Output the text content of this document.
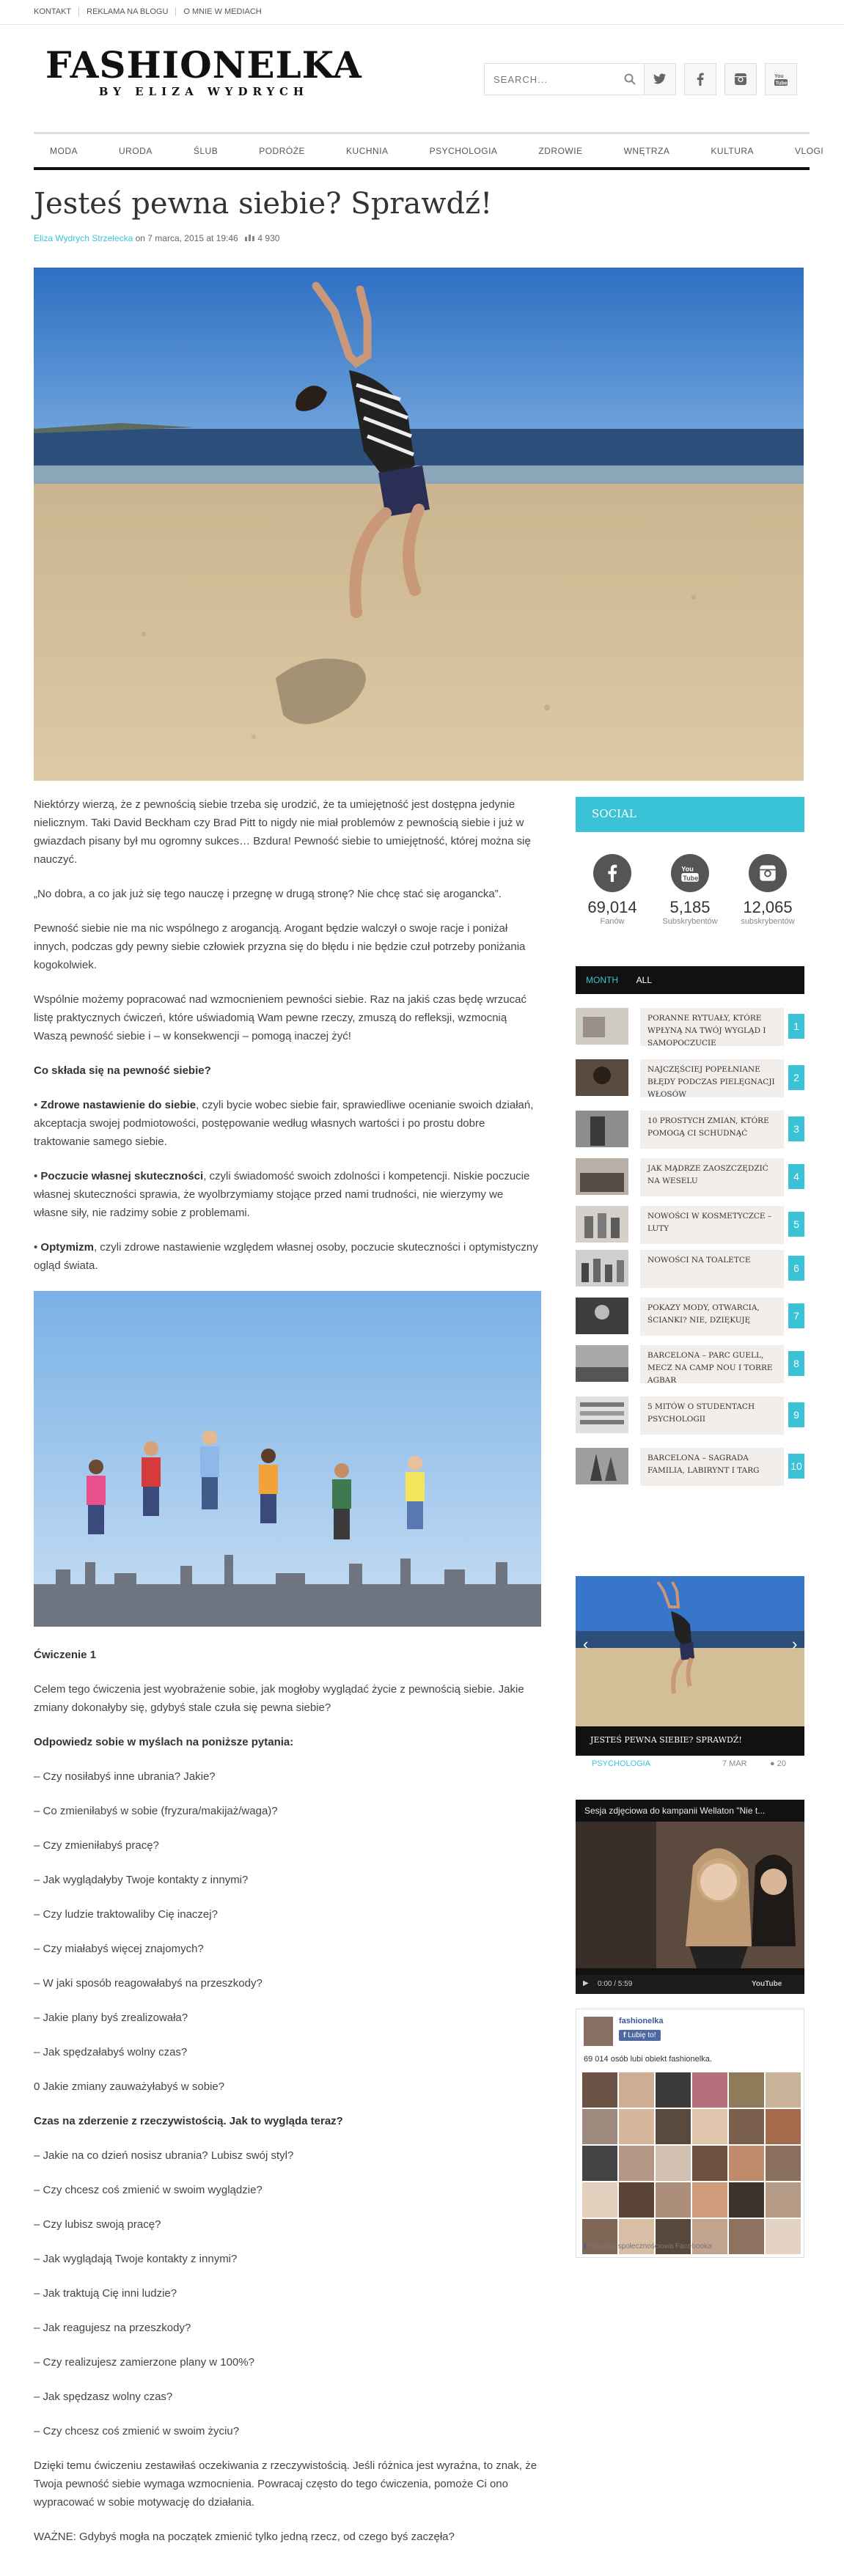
KONTAKT REKLAMA NA BLOGU O MNIE W MEDIACH
FASHIONELKA
BY ELIZA WYDRYCH
SEARCH...
You
Tube
MODA	URODA	ŚLUB	PODRÓŻE	KUCHNIA	PSYCHOLOGIA	ZDROWIE	WNĘTRZA	KULTURA	VLOGI
Jesteś pewna siebie? Sprawdź!
Eliza Wydrych Strzelecka on 7 marca, 2015 at 19:46 4 930

Niektórzy wierzą, że z pewnością siebie trzeba się urodzić, że ta umiejętność jest dostępna jedynie nielicznym. Taki David Beckham czy Brad Pitt to nigdy nie miał problemów z pewnością siebie i już w gwiazdach pisany był mu ogromny sukces… Bzdura! Pewność siebie to umiejętność, której można się nauczyć.

„No dobra, a co jak już się tego nauczę i przegnę w drugą stronę? Nie chcę stać się arogancka”.

Pewność siebie nie ma nic wspólnego z arogancją. Arogant będzie walczył o swoje racje i poniżał innych, podczas gdy pewny siebie człowiek przyzna się do błędu i nie będzie czuł potrzeby poniżania kogokolwiek.

Wspólnie możemy popracować nad wzmocnieniem pewności siebie. Raz na jakiś czas będę wrzucać listę praktycznych ćwiczeń, które uświadomią Wam pewne rzeczy, zmuszą do refleksji, wzmocnią Waszą pewność siebie i – w konsekwencji – pomogą inaczej żyć!

Co składa się na pewność siebie?

• Zdrowe nastawienie do siebie, czyli bycie wobec siebie fair, sprawiedliwe ocenianie swoich działań, akceptacja swojej podmiotowości, postępowanie według własnych wartości i po prostu dobre traktowanie samego siebie.

• Poczucie własnej skuteczności, czyli świadomość swoich zdolności i kompetencji. Niskie poczucie własnej skuteczności sprawia, że wyolbrzymiamy stojące przed nami trudności, nie wierzymy we własne siły, nie radzimy sobie z problemami.

• Optymizm, czyli zdrowe nastawienie względem własnej osoby, poczucie skuteczności i optymistyczny ogląd świata.

Ćwiczenie 1

Celem tego ćwiczenia jest wyobrażenie sobie, jak mogłoby wyglądać życie z pewnością siebie. Jakie zmiany dokonałyby się, gdybyś stale czuła się pewna siebie?

Odpowiedz sobie w myślach na poniższe pytania:

– Czy nosiłabyś inne ubrania? Jakie?

– Co zmieniłabyś w sobie (fryzura/makijaż/waga)?

– Czy zmieniłabyś pracę?

– Jak wyglądałyby Twoje kontakty z innymi?

– Czy ludzie traktowaliby Cię inaczej?

– Czy miałabyś więcej znajomych?

– W jaki sposób reagowałabyś na przeszkody?

– Jakie plany byś zrealizowała?

– Jak spędzałabyś wolny czas?

0 Jakie zmiany zauważyłabyś w sobie?

Czas na zderzenie z rzeczywistością. Jak to wygląda teraz?

– Jakie na co dzień nosisz ubrania? Lubisz swój styl?

– Czy chcesz coś zmienić w swoim wyglądzie?

– Czy lubisz swoją pracę?

– Jak wyglądają Twoje kontakty z innymi?

– Jak traktują Cię inni ludzie?

– Jak reagujesz na przeszkody?

– Czy realizujesz zamierzone plany w 100%?

– Jak spędzasz wolny czas?

– Czy chcesz coś zmienić w swoim życiu?

Dzięki temu ćwiczeniu zestawiłaś oczekiwania z rzeczywistością. Jeśli różnica jest wyraźna, to znak, że Twoja pewność siebie wymaga wzmocnienia. Powracaj często do tego ćwiczenia, pomoże Ci ono wypracować w sobie motywację do działania.

WAŻNE: Gdybyś mogła na początek zmienić tylko jedną rzecz, od czego byś zaczęła?

SOCIAL
69,014
Fanów
You
Tube
5,185
Subskrybentów
12,065
subskrybentów
MONTH ALL
PORANNE RYTUAŁY, KTÓRE WPŁYNĄ NA TWÓJ WYGLĄD I SAMOPOCZUCIE
1
NAJCZĘŚCIEJ POPEŁNIANE BŁĘDY PODCZAS PIELĘGNACJI WŁOSÓW
2
10 PROSTYCH ZMIAN, KTÓRE POMOGĄ CI SCHUDNĄĆ	3
JAK MĄDRZE ZAOSZCZĘDZIĆ NA WESELU	4
NOWOŚCI W KOSMETYCZCE – LUTY	5
NOWOŚCI NA TOALETCE
6
POKAZY MODY, OTWARCIA, ŚCIANKI? NIE, DZIĘKUJĘ	7
BARCELONA – PARC GUELL, MECZ NA CAMP NOU I TORRE AGBAR
8
5 MITÓW O STUDENTACH PSYCHOLOGII	9
BARCELONA – SAGRADA FAMILIA, LABIRYNT I TARG	10
‹	›
JESTEŚ PEWNA SIEBIE? SPRAWDŹ!
PSYCHOLOGIA	7 MAR	● 20
Sesja zdjęciowa do kampanii Wellaton "Nie t...
▶ 0:00 / 5:59	YouTube
fashionelka
f Lubię to!
69 014 osób lubi obiekt fashionelka.
f Wtyczka społecznościowa Facebooka
